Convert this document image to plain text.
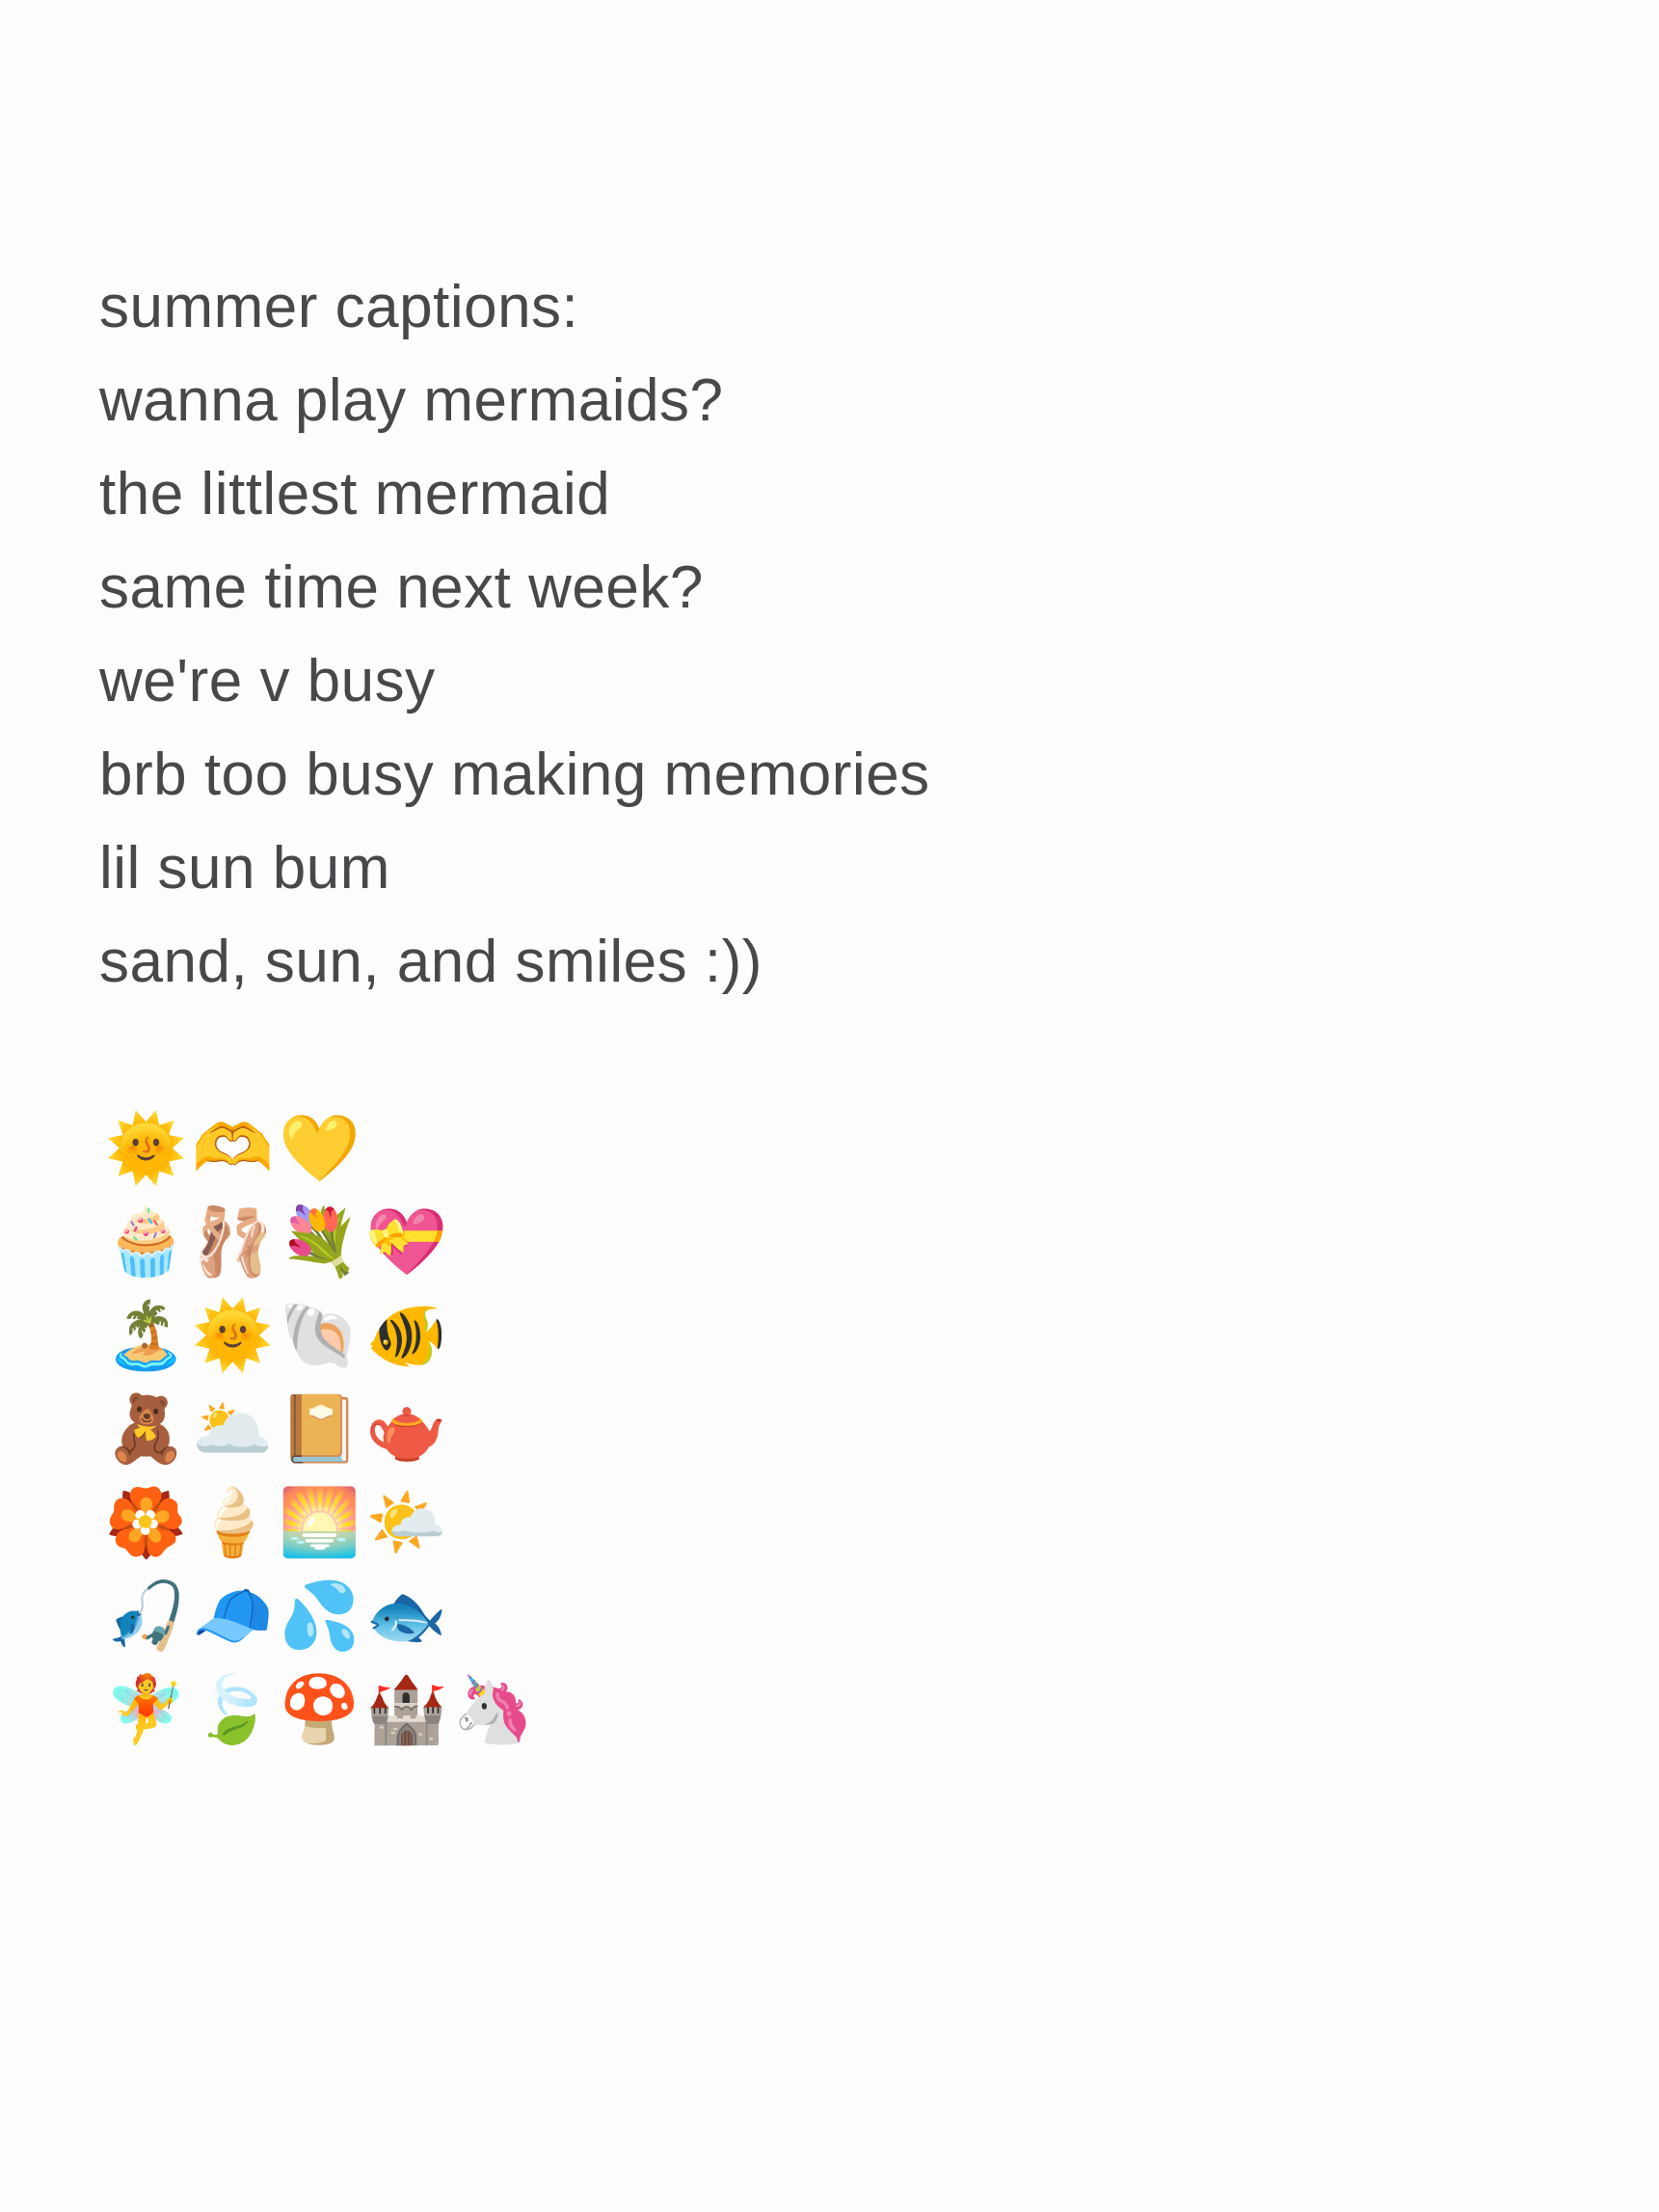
summer captions:
wanna play mermaids?
the littlest mermaid
same time next week?
we're v busy
brb too busy making memories
lil sun bum
sand, sun, and smiles :))
🌞🫶💛
🧁🩰💐💝
🏝️🌞🐚🐠
🧸🌥️📔🫖
🏵️🍦🌅🌤️
🎣🧢💦🐟
🧚🍃🍄🏰🦄
